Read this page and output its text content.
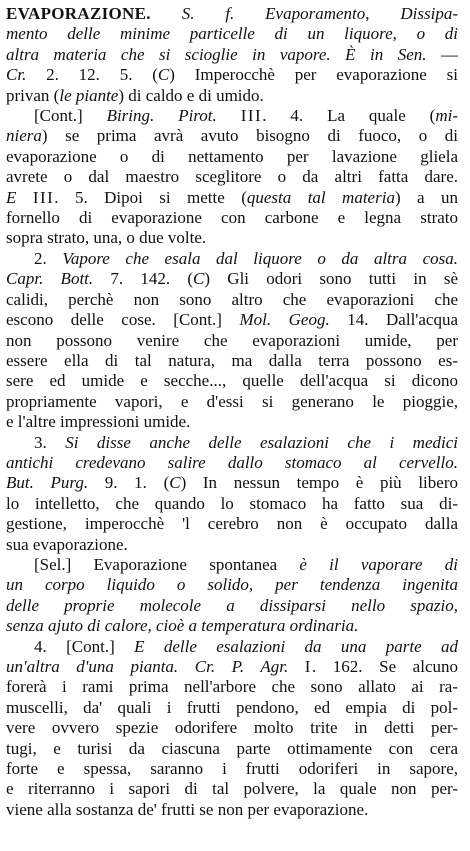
EVAPORAZIONE. S. f. Evaporamento, Dissipa-
mento delle minime particelle di un liquore, o di
altra materia che si scioglie in vapore. È in Sen. —
Cr. 2. 12. 5. (C) Imperocchè per evaporazione si
privan (le piante) di caldo e di umido.
[Cont.] Biring. Pirot. III. 4. La quale (mi-
niera) se prima avrà avuto bisogno di fuoco, o di
evaporazione o di nettamento per lavazione gliela
avrete o dal maestro sceglitore o da altri fatta dare.
E III. 5. Dipoi si mette (questa tal materia) a un
fornello di evaporazione con carbone e legna strato
sopra strato, una, o due volte.
2. Vapore che esala dal liquore o da altra cosa.
Capr. Bott. 7. 142. (C) Gli odori sono tutti in sè
calidi, perchè non sono altro che evaporazioni che
escono delle cose. [Cont.] Mol. Geog. 14. Dall'acqua
non possono venire che evaporazioni umide, per
essere ella di tal natura, ma dalla terra possono es-
sere ed umide e secche..., quelle dell'acqua si dicono
propriamente vapori, e d'essi si generano le pioggie,
e l'altre impressioni umide.
3. Si disse anche delle esalazioni che i medici
antichi credevano salire dallo stomaco al cervello.
But. Purg. 9. 1. (C) In nessun tempo è più libero
lo intelletto, che quando lo stomaco ha fatto sua di-
gestione, imperocchè 'l cerebro non è occupato dalla
sua evaporazione.
[Sel.] Evaporazione spontanea è il vaporare di
un corpo liquido o solido, per tendenza ingenita
delle proprie molecole a dissiparsi nello spazio,
senza ajuto di calore, cioè a temperatura ordinaria.
4. [Cont.] E delle esalazioni da una parte ad
un'altra d'una pianta. Cr. P. Agr. I. 162. Se alcuno
forerà i rami prima nell'arbore che sono allato ai ra-
muscelli, da' quali i frutti pendono, ed empia di pol-
vere ovvero spezie odorifere molto trite in detti per-
tugi, e turisi da ciascuna parte ottimamente con cera
forte e spessa, saranno i frutti odoriferi in sapore,
e riterranno i sapori di tal polvere, la quale non per-
viene alla sostanza de' frutti se non per evaporazione.
